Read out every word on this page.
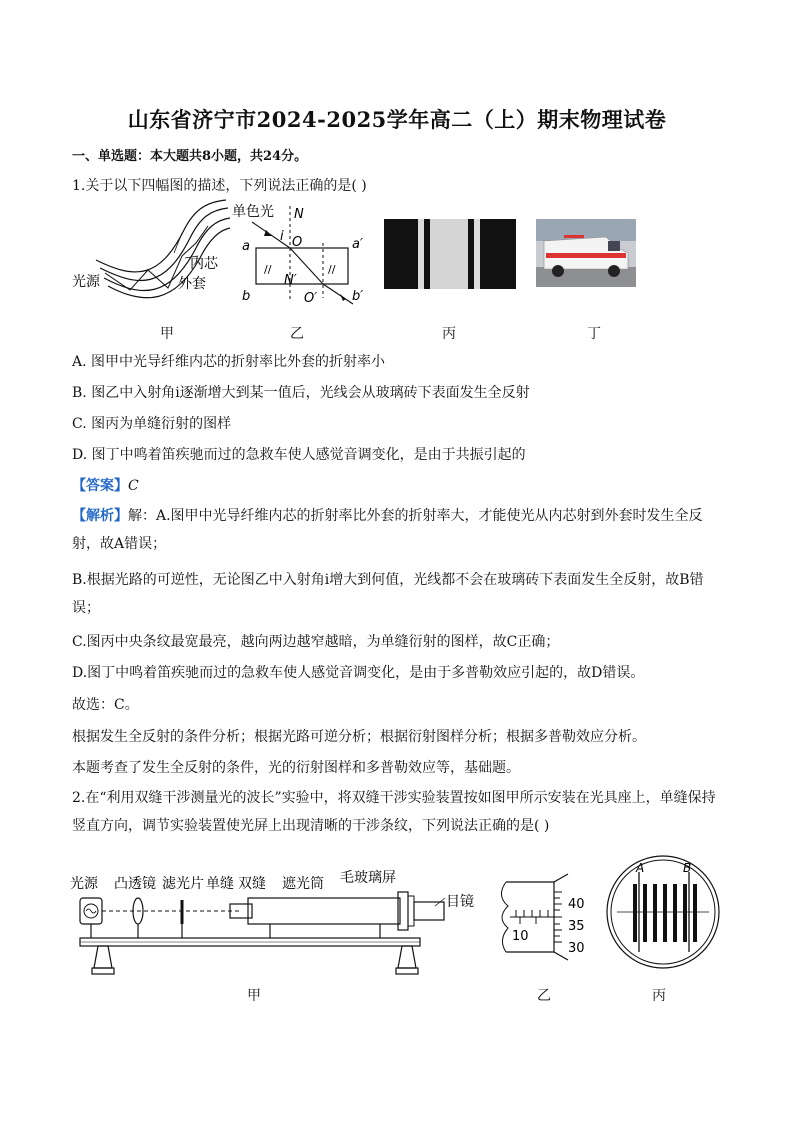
山东省济宁市2024-2025学年高二（上）期末物理试卷
一、单选题：本大题共8小题，共24分。
1.关于以下四幅图的描述，下列说法正确的是( )
光源
内芯
外套
//	//
单色光 N
i O
a	a′
b	b′
N′
O′
甲	乙	丙	丁
A. 图甲中光导纤维内芯的折射率比外套的折射率小
B. 图乙中入射角i逐渐增大到某一值后，光线会从玻璃砖下表面发生全反射
C. 图丙为单缝衍射的图样
D. 图丁中鸣着笛疾驰而过的急救车使人感觉音调变化，是由于共振引起的
【答案】C
【解析】解：A.图甲中光导纤维内芯的折射率比外套的折射率大，才能使光从内芯射到外套时发生全反射，故A错误；
B.根据光路的可逆性，无论图乙中入射角i增大到何值，光线都不会在玻璃砖下表面发生全反射，故B错误；
C.图丙中央条纹最宽最亮，越向两边越窄越暗，为单缝衍射的图样，故C正确；
D.图丁中鸣着笛疾驰而过的急救车使人感觉音调变化，是由于多普勒效应引起的，故D错误。
故选：C。
根据发生全反射的条件分析；根据光路可逆分析；根据衍射图样分析；根据多普勒效应分析。
本题考查了发生全反射的条件，光的衍射图样和多普勒效应等，基础题。
2.在“利用双缝干涉测量光的波长”实验中，将双缝干涉实验装置按如图甲所示安装在光具座上，单缝保持竖直方向，调节实验装置使光屏上出现清晰的干涉条纹，下列说法正确的是( )
光源 凸透镜 滤光片 单缝 双缝 遮光筒 毛玻璃屏
目镜	40
35
30
10
A	B
甲	乙	丙
